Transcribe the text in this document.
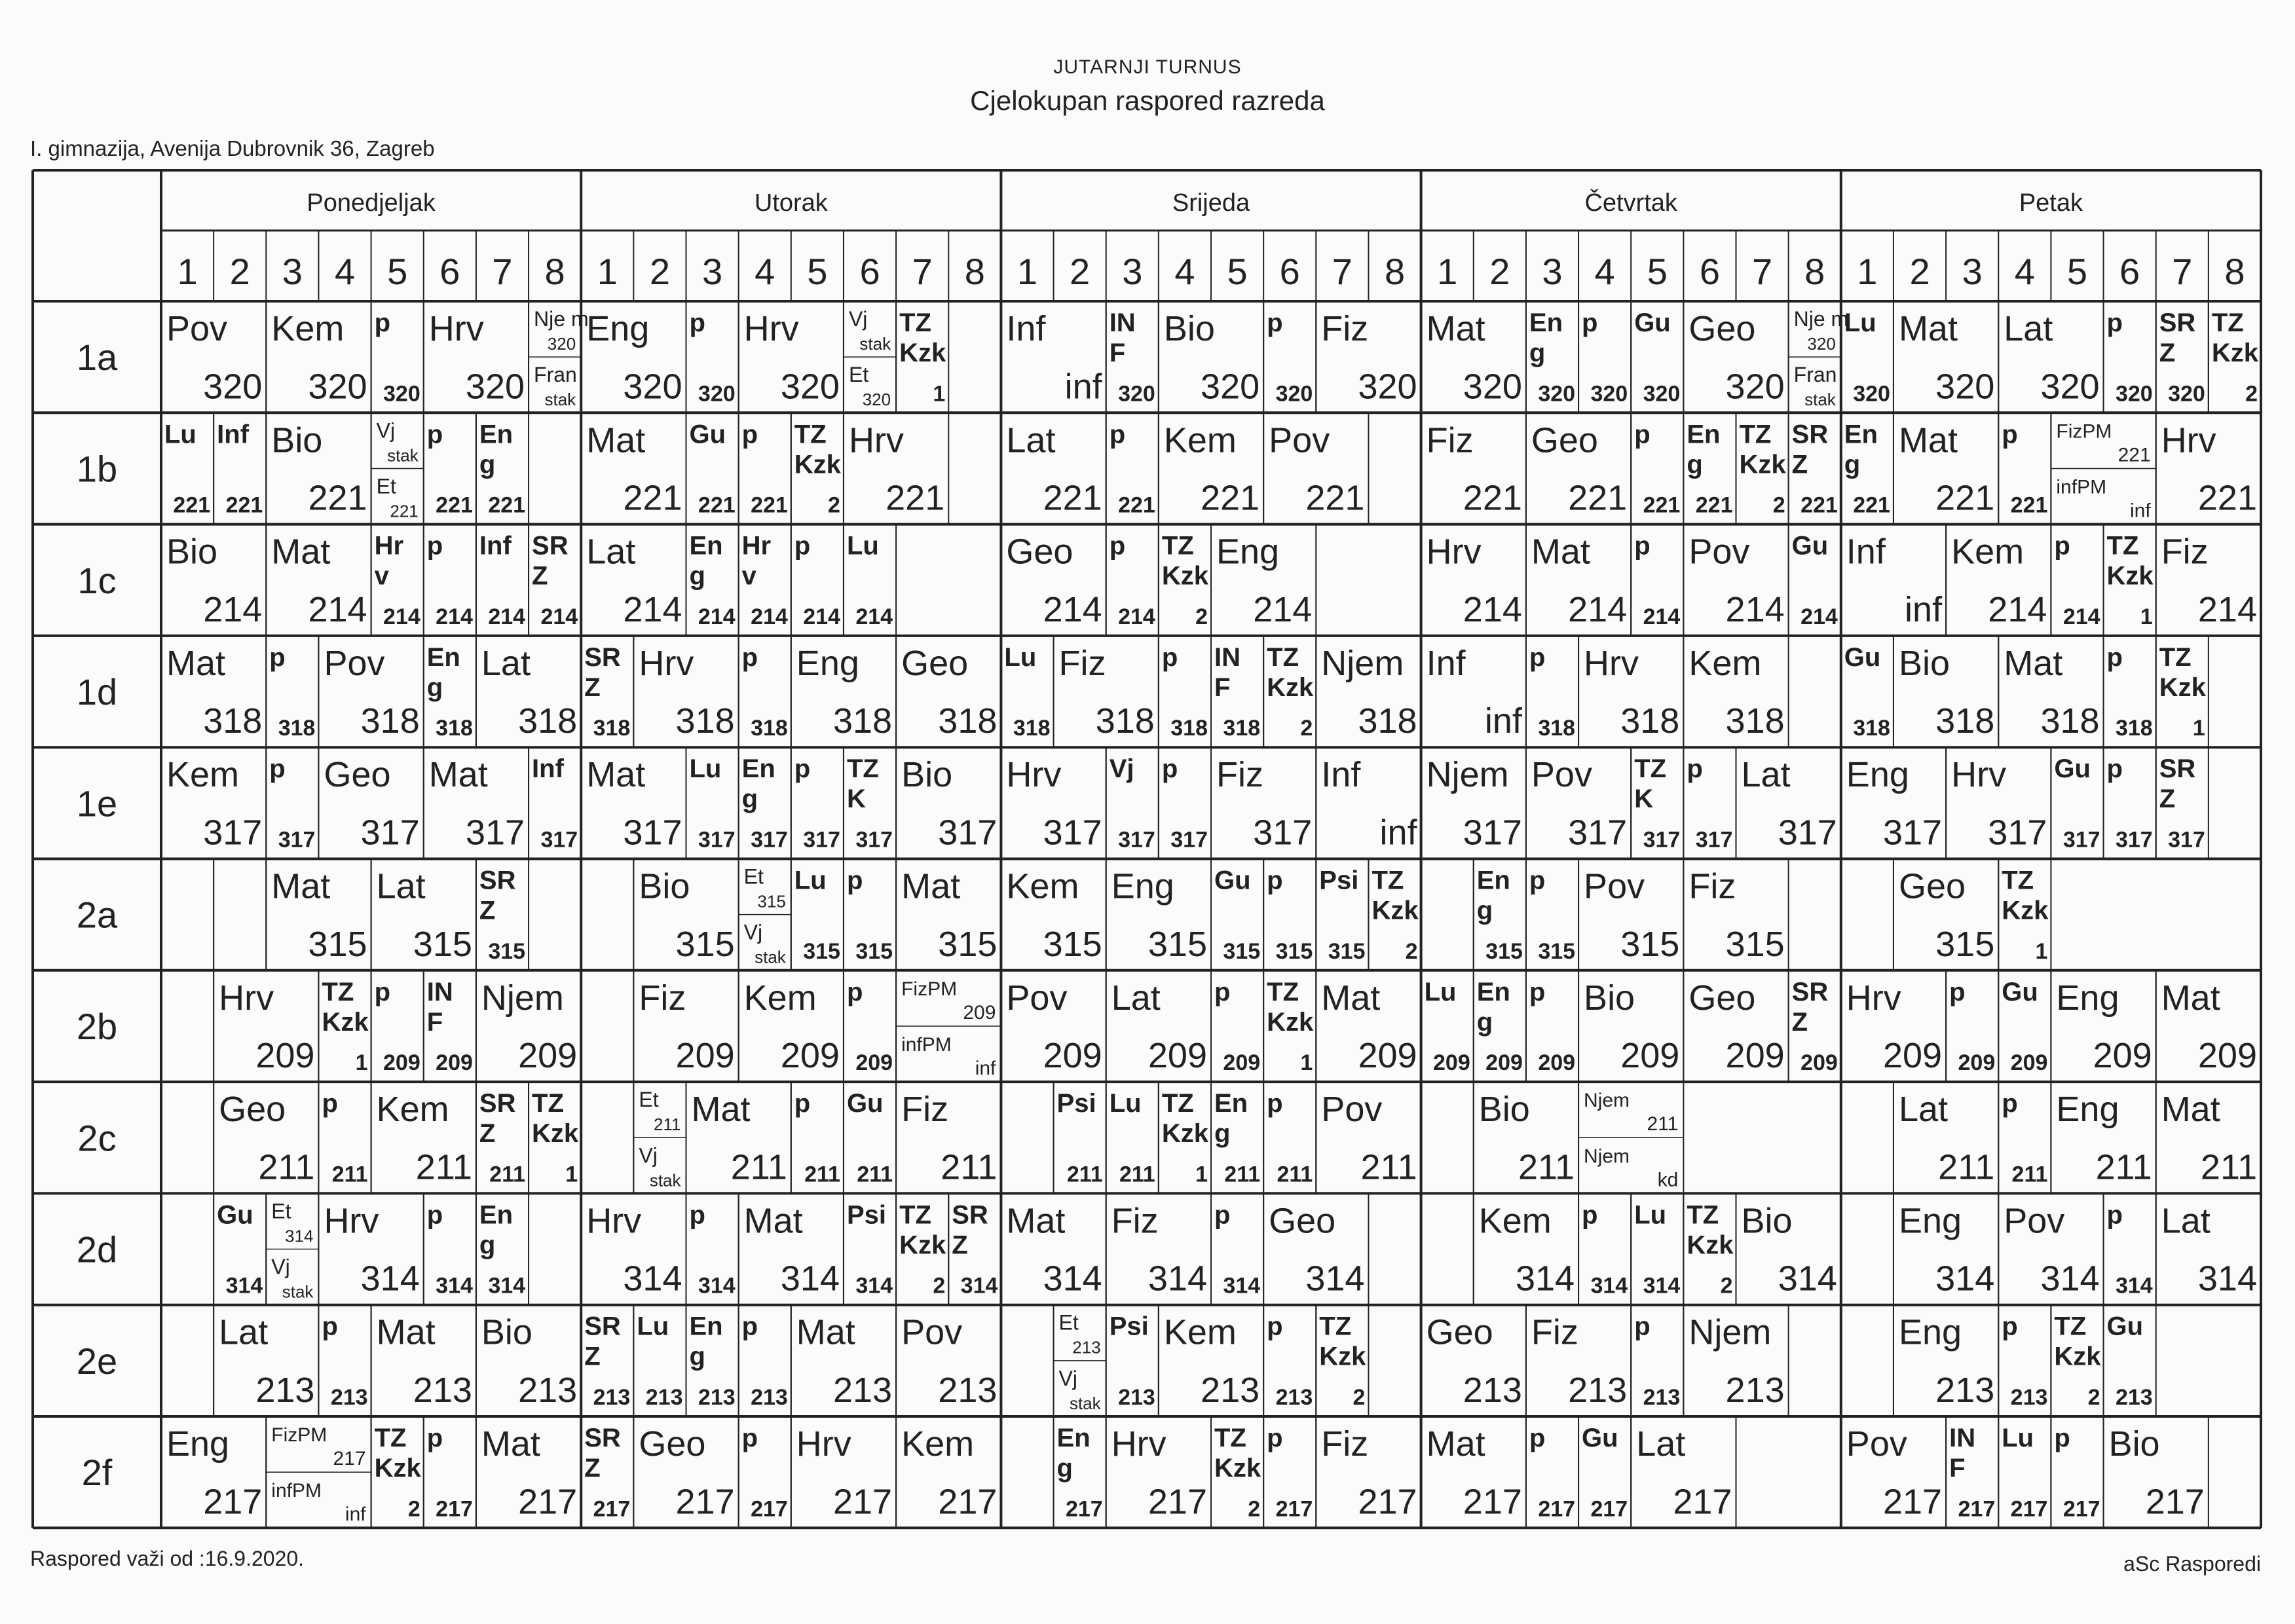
JUTARNJI TURNUS
Cjelokupan raspored razreda
I. gimnazija, Avenija Dubrovnik 36, Zagreb
Ponedjeljak
1 2 3 4 5 6 7 8
Utorak
1 2 3 4 5 6 7 8
Srijeda
1 2 3 4 5 6 7 8
Četvrtak
1 2 3 4 5 6 7 8
Petak
1 2 3 4 5 6 7 8
1a
Pov
320
Kem
320
p
320
Hrv
320
Nje m
320
Fran
stak
Eng
320
p
320
Hrv
320
Vj
stak
Et
320
TZ
Kzk
1
Inf
inf
IN
F
320
Bio
320
p
320
Fiz
320
Mat
320
En
g
320
p
320
Gu
320
Geo
320
Nje m
320
Fran
stak
Lu
320
Mat
320
Lat
320
p
320
SR
Z
320
TZ
Kzk
2
1b
Lu
221
Inf
221
Bio
221
Vj
stak
Et
221
p
221
En
g
221
Mat
221
Gu
221
p
221
TZ
Kzk
2
Hrv
221
Lat
221
p
221
Kem
221
Pov
221
Fiz
221
Geo
221
p
221
En
g
221
TZ
Kzk
2
SR
Z
221
En
g
221
Mat
221
p
221
FizPM
221
infPM
inf
Hrv
221
1c
Bio
214
Mat
214
Hr
v
214
p
214
Inf
214
SR
Z
214
Lat
214
En
g
214
Hr
v
214
p
214
Lu
214
Geo
214
p
214
TZ
Kzk
2
Eng
214
Hrv
214
Mat
214
p
214
Pov
214
Gu
214
Inf
inf
Kem
214
p
214
TZ
Kzk
1
Fiz
214
1d
Mat
318
p
318
Pov
318
En
g
318
Lat
318
SR
Z
318
Hrv
318
p
318
Eng
318
Geo
318
Lu
318
Fiz
318
p
318
IN
F
318
TZ
Kzk
2
Njem
318
Inf
inf
p
318
Hrv
318
Kem
318
Gu
318
Bio
318
Mat
318
p
318
TZ
Kzk
1
1e
Kem
317
p
317
Geo
317
Mat
317
Inf
317
Mat
317
Lu
317
En
g
317
p
317
TZ
K
317
Bio
317
Hrv
317
Vj
317
p
317
Fiz
317
Inf
inf
Njem
317
Pov
317
TZ
K
317
p
317
Lat
317
Eng
317
Hrv
317
Gu
317
p
317
SR
Z
317
2a
Mat
315
Lat
315
SR
Z
315
Bio
315
Et
315
Vj
stak
Lu
315
p
315
Mat
315
Kem
315
Eng
315
Gu
315
p
315
Psi
315
TZ
Kzk
2
En
g
315
p
315
Pov
315
Fiz
315
Geo
315
TZ
Kzk
1
2b
Hrv
209
TZ
Kzk
1
p
209
IN
F
209
Njem
209
Fiz
209
Kem
209
p
209
FizPM
209
infPM
inf
Pov
209
Lat
209
p
209
TZ
Kzk
1
Mat
209
Lu
209
En
g
209
p
209
Bio
209
Geo
209
SR
Z
209
Hrv
209
p
209
Gu
209
Eng
209
Mat
209
2c
Geo
211
p
211
Kem
211
SR
Z
211
TZ
Kzk
1
Et
211
Vj
stak
Mat
211
p
211
Gu
211
Fiz
211
Psi
211
Lu
211
TZ
Kzk
1
En
g
211
p
211
Pov
211
Bio
211
Njem
211
Njem
kd
Lat
211
p
211
Eng
211
Mat
211
2d
Gu
314
Et
314
Vj
stak
Hrv
314
p
314
En
g
314
Hrv
314
p
314
Mat
314
Psi
314
TZ
Kzk
2
SR
Z
314
Mat
314
Fiz
314
p
314
Geo
314
Kem
314
p
314
Lu
314
TZ
Kzk
2
Bio
314
Eng
314
Pov
314
p
314
Lat
314
2e
Lat
213
p
213
Mat
213
Bio
213
SR
Z
213
Lu
213
En
g
213
p
213
Mat
213
Pov
213
Et
213
Vj
stak
Psi
213
Kem
213
p
213
TZ
Kzk
2
Geo
213
Fiz
213
p
213
Njem
213
Eng
213
p
213
TZ
Kzk
2
Gu
213
2f
Eng
217
FizPM
217
infPM
inf
TZ
Kzk
2
p
217
Mat
217
SR
Z
217
Geo
217
p
217
Hrv
217
Kem
217
En
g
217
Hrv
217
TZ
Kzk
2
p
217
Fiz
217
Mat
217
p
217
Gu
217
Lat
217
Pov
217
IN
F
217
Lu
217
p
217
Bio
217
Raspored važi od :16.9.2020.	aSc Rasporedi
